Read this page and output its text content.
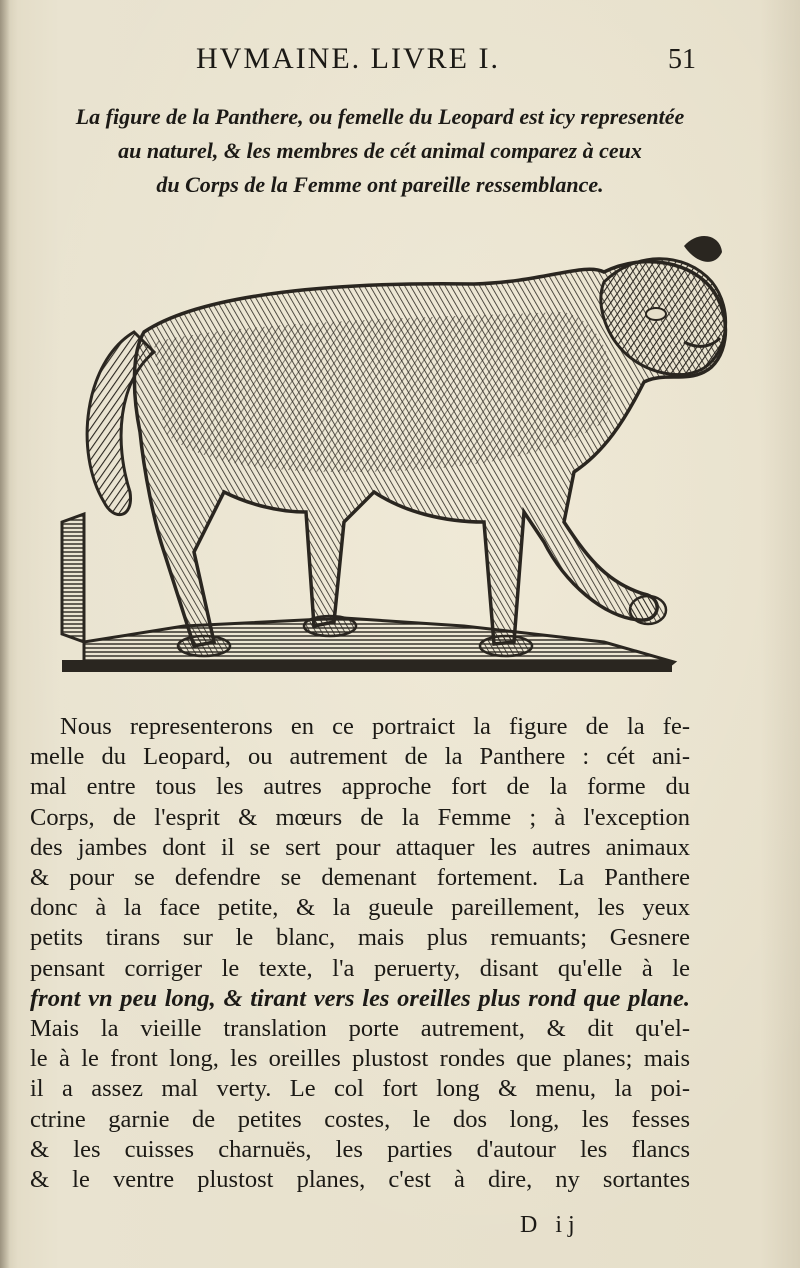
HVMAINE. LIVRE I.	51
La figure de la Panthere, ou femelle du Leopard est icy representée
au naturel, & les membres de cét animal comparez à ceux
du Corps de la Femme ont pareille ressemblance.
Nous representerons en ce portraict la figure de la fe-
melle du Leopard, ou autrement de la Panthere : cét ani-
mal entre tous les autres approche fort de la forme du
Corps, de l'esprit & mœurs de la Femme ; à l'exception
des jambes dont il se sert pour attaquer les autres animaux
& pour se defendre se demenant fortement. La Panthere
donc à la face petite, & la gueule pareillement, les yeux
petits tirans sur le blanc, mais plus remuants; Gesnere
pensant corriger le texte, l'a peruerty, disant qu'elle à le
front vn peu long, & tirant vers les oreilles plus rond que plane.
Mais la vieille translation porte autrement, & dit qu'el-
le à le front long, les oreilles plustost rondes que planes; mais
il a assez mal verty. Le col fort long & menu, la poi-
ctrine garnie de petites costes, le dos long, les fesses
& les cuisses charnuës, les parties d'autour les flancs
& le ventre plustost planes, c'est à dire, ny sortantes
D ij
